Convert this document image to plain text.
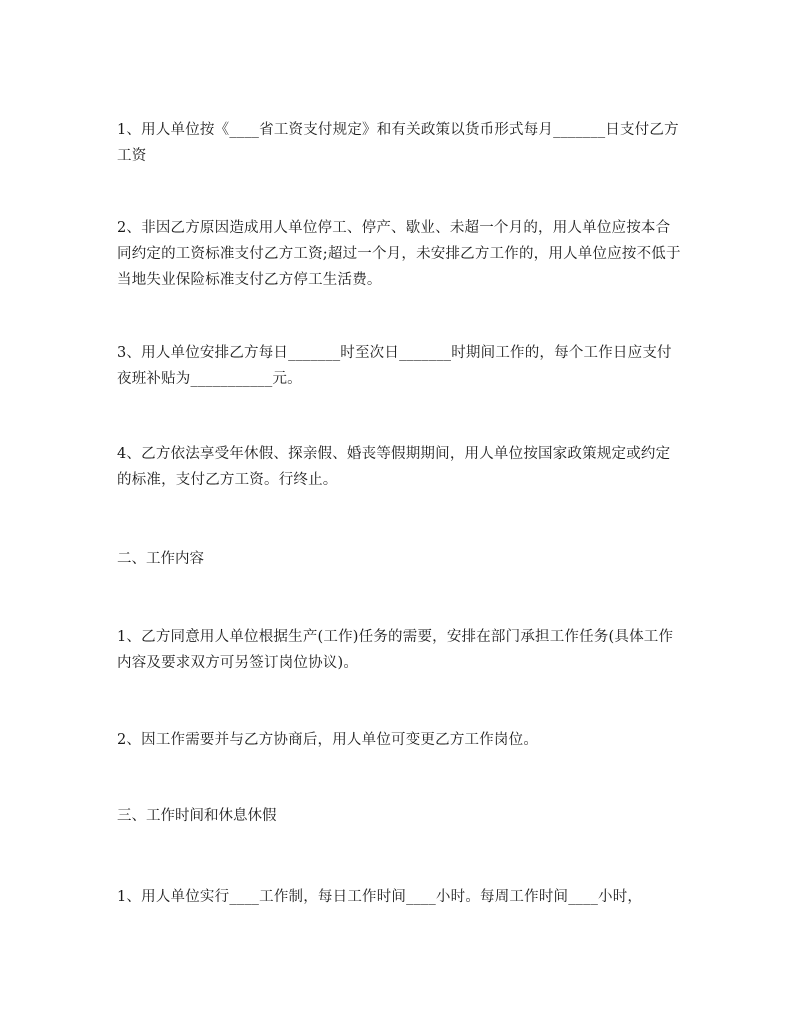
1、用人单位按《____省工资支付规定》和有关政策以货币形式每月_______日支付乙方工资

2、非因乙方原因造成用人单位停工、停产、歇业、未超一个月的，用人单位应按本合同约定的工资标准支付乙方工资;超过一个月，未安排乙方工作的，用人单位应按不低于当地失业保险标准支付乙方停工生活费。

3、用人单位安排乙方每日_______时至次日_______时期间工作的，每个工作日应支付夜班补贴为___________元。

4、乙方依法享受年休假、探亲假、婚丧等假期期间，用人单位按国家政策规定或约定的标准，支付乙方工资。行终止。

二、工作内容

1、乙方同意用人单位根据生产(工作)任务的需要，安排在部门承担工作任务(具体工作内容及要求双方可另签订岗位协议)。

2、因工作需要并与乙方协商后，用人单位可变更乙方工作岗位。

三、工作时间和休息休假

1、用人单位实行____工作制，每日工作时间____小时。每周工作时间____小时，
